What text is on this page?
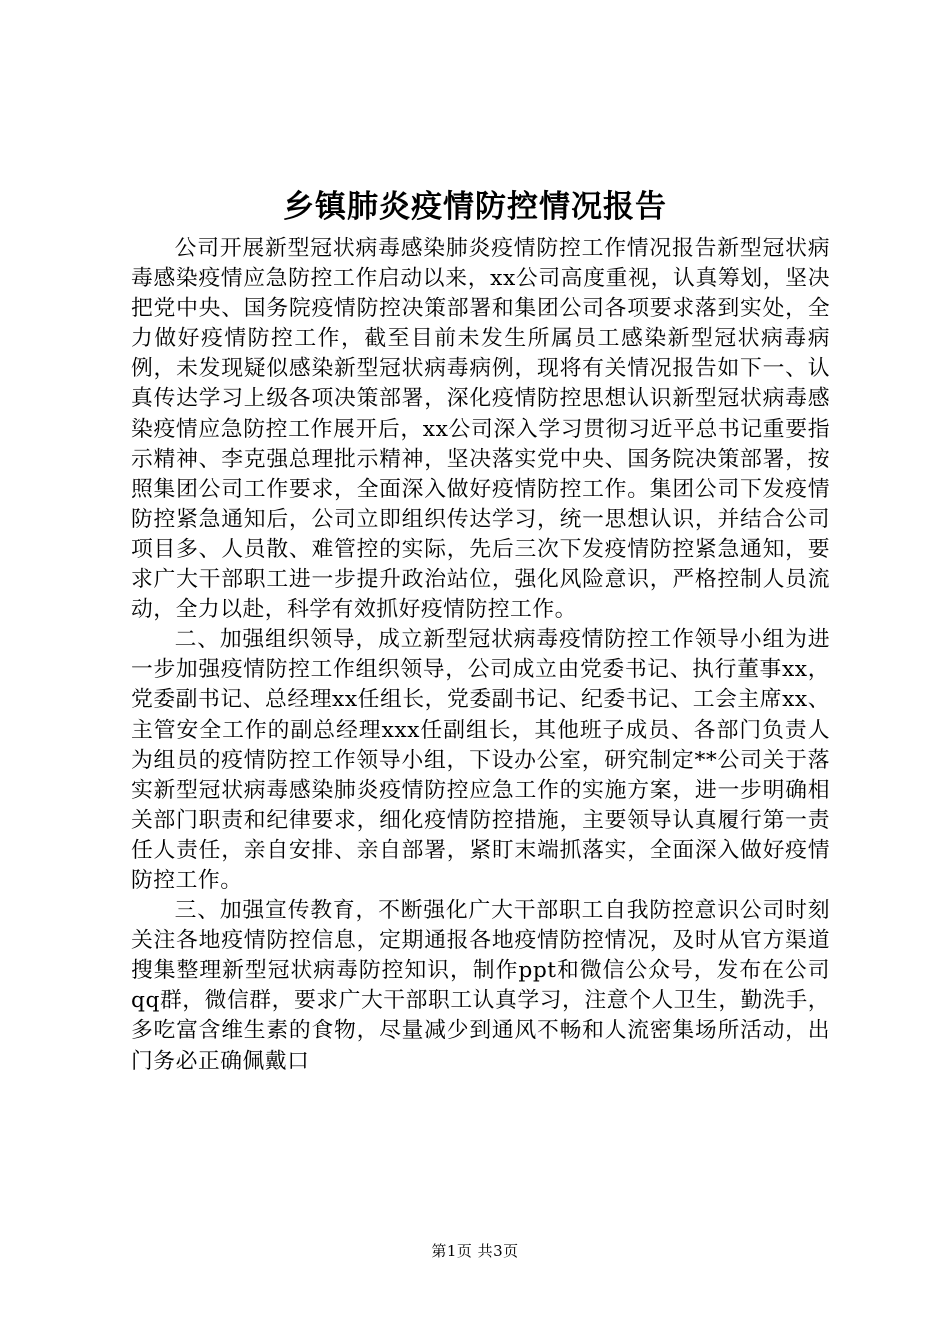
乡镇肺炎疫情防控情况报告

公司开展新型冠状病毒感染肺炎疫情防控工作情况报告新型冠状病毒感染疫情应急防控工作启动以来，xx公司高度重视，认真筹划，坚决把党中央、国务院疫情防控决策部署和集团公司各项要求落到实处，全力做好疫情防控工作，截至目前未发生所属员工感染新型冠状病毒病例，未发现疑似感染新型冠状病毒病例，现将有关情况报告如下一、认真传达学习上级各项决策部署，深化疫情防控思想认识新型冠状病毒感染疫情应急防控工作展开后，xx公司深入学习贯彻习近平总书记重要指示精神、李克强总理批示精神，坚决落实党中央、国务院决策部署，按照集团公司工作要求，全面深入做好疫情防控工作。集团公司下发疫情防控紧急通知后，公司立即组织传达学习，统一思想认识，并结合公司项目多、人员散、难管控的实际，先后三次下发疫情防控紧急通知，要求广大干部职工进一步提升政治站位，强化风险意识，严格控制人员流动，全力以赴，科学有效抓好疫情防控工作。

二、加强组织领导，成立新型冠状病毒疫情防控工作领导小组为进一步加强疫情防控工作组织领导，公司成立由党委书记、执行董事xx，党委副书记、总经理xx任组长，党委副书记、纪委书记、工会主席xx、主管安全工作的副总经理xxx任副组长，其他班子成员、各部门负责人为组员的疫情防控工作领导小组，下设办公室，研究制定**公司关于落实新型冠状病毒感染肺炎疫情防控应急工作的实施方案，进一步明确相关部门职责和纪律要求，细化疫情防控措施，主要领导认真履行第一责任人责任，亲自安排、亲自部署，紧盯末端抓落实，全面深入做好疫情防控工作。

三、加强宣传教育，不断强化广大干部职工自我防控意识公司时刻关注各地疫情防控信息，定期通报各地疫情防控情况，及时从官方渠道搜集整理新型冠状病毒防控知识，制作ppt和微信公众号，发布在公司qq群，微信群，要求广大干部职工认真学习，注意个人卫生，勤洗手，多吃富含维生素的食物，尽量减少到通风不畅和人流密集场所活动，出门务必正确佩戴口

第1页 共3页
